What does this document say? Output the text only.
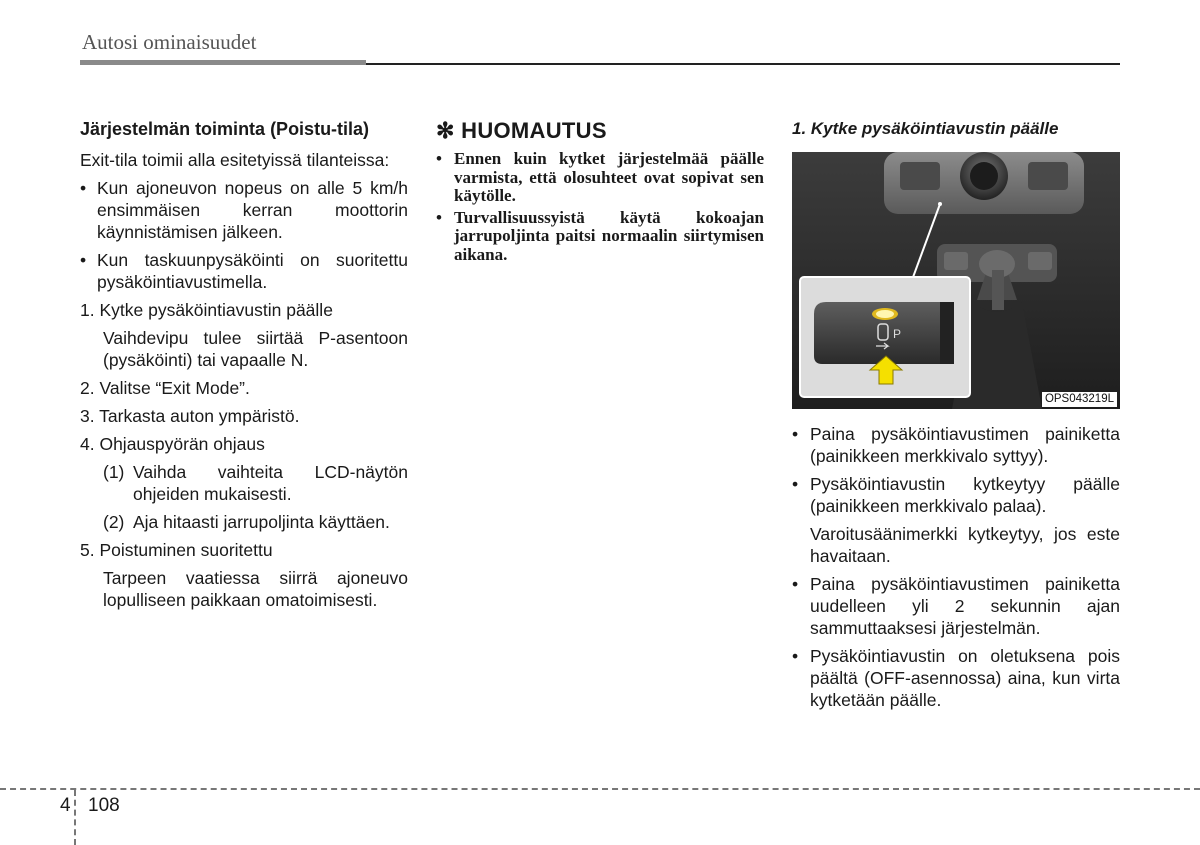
Autosi ominaisuudet
Järjestelmän toiminta (Poistu-tila)

Exit-tila toimii alla esitetyissä tilanteissa:

• Kun ajoneuvon nopeus on alle 5 km/h ensimmäisen kerran moottorin käynnistämisen jälkeen.
• Kun taskuunpysäköinti on suoritettu pysäköintiavustimella.
1. Kytke pysäköintiavustin päälle
Vaihdevipu tulee siirtää P-asentoon (pysäköinti) tai vapaalle N.
2. Valitse “Exit Mode”.
3. Tarkasta auton ympäristö.
4. Ohjauspyörän ohjaus
(1) Vaihda vaihteita LCD-näytön ohjeiden mukaisesti.
(2) Aja hitaasti jarrupoljinta käyttäen.
5. Poistuminen suoritettu
Tarpeen vaatiessa siirrä ajoneuvo lopulliseen paikkaan omatoimisesti.
✻ HUOMAUTUS
• Ennen kuin kytket järjestelmää päälle varmista, että olosuhteet ovat sopivat sen käytölle.
• Turvallisuussyistä käytä kokoajan jarrupoljinta paitsi normaalin siirtymisen aikana.
1. Kytke pysäköintiavustin päälle
P
OPS043219L
• Paina pysäköintiavustimen painiketta (painikkeen merkkivalo syttyy).
• Pysäköintiavustin kytkeytyy päälle (painikkeen merkkivalo palaa).
Varoitusäänimerkki kytkeytyy, jos este havaitaan.
• Paina pysäköintiavustimen painiketta uudelleen yli 2 sekunnin ajan sammuttaaksesi järjestelmän.
• Pysäköintiavustin on oletuksena pois päältä (OFF-asennossa) aina, kun virta kytketään päälle.
4 108
